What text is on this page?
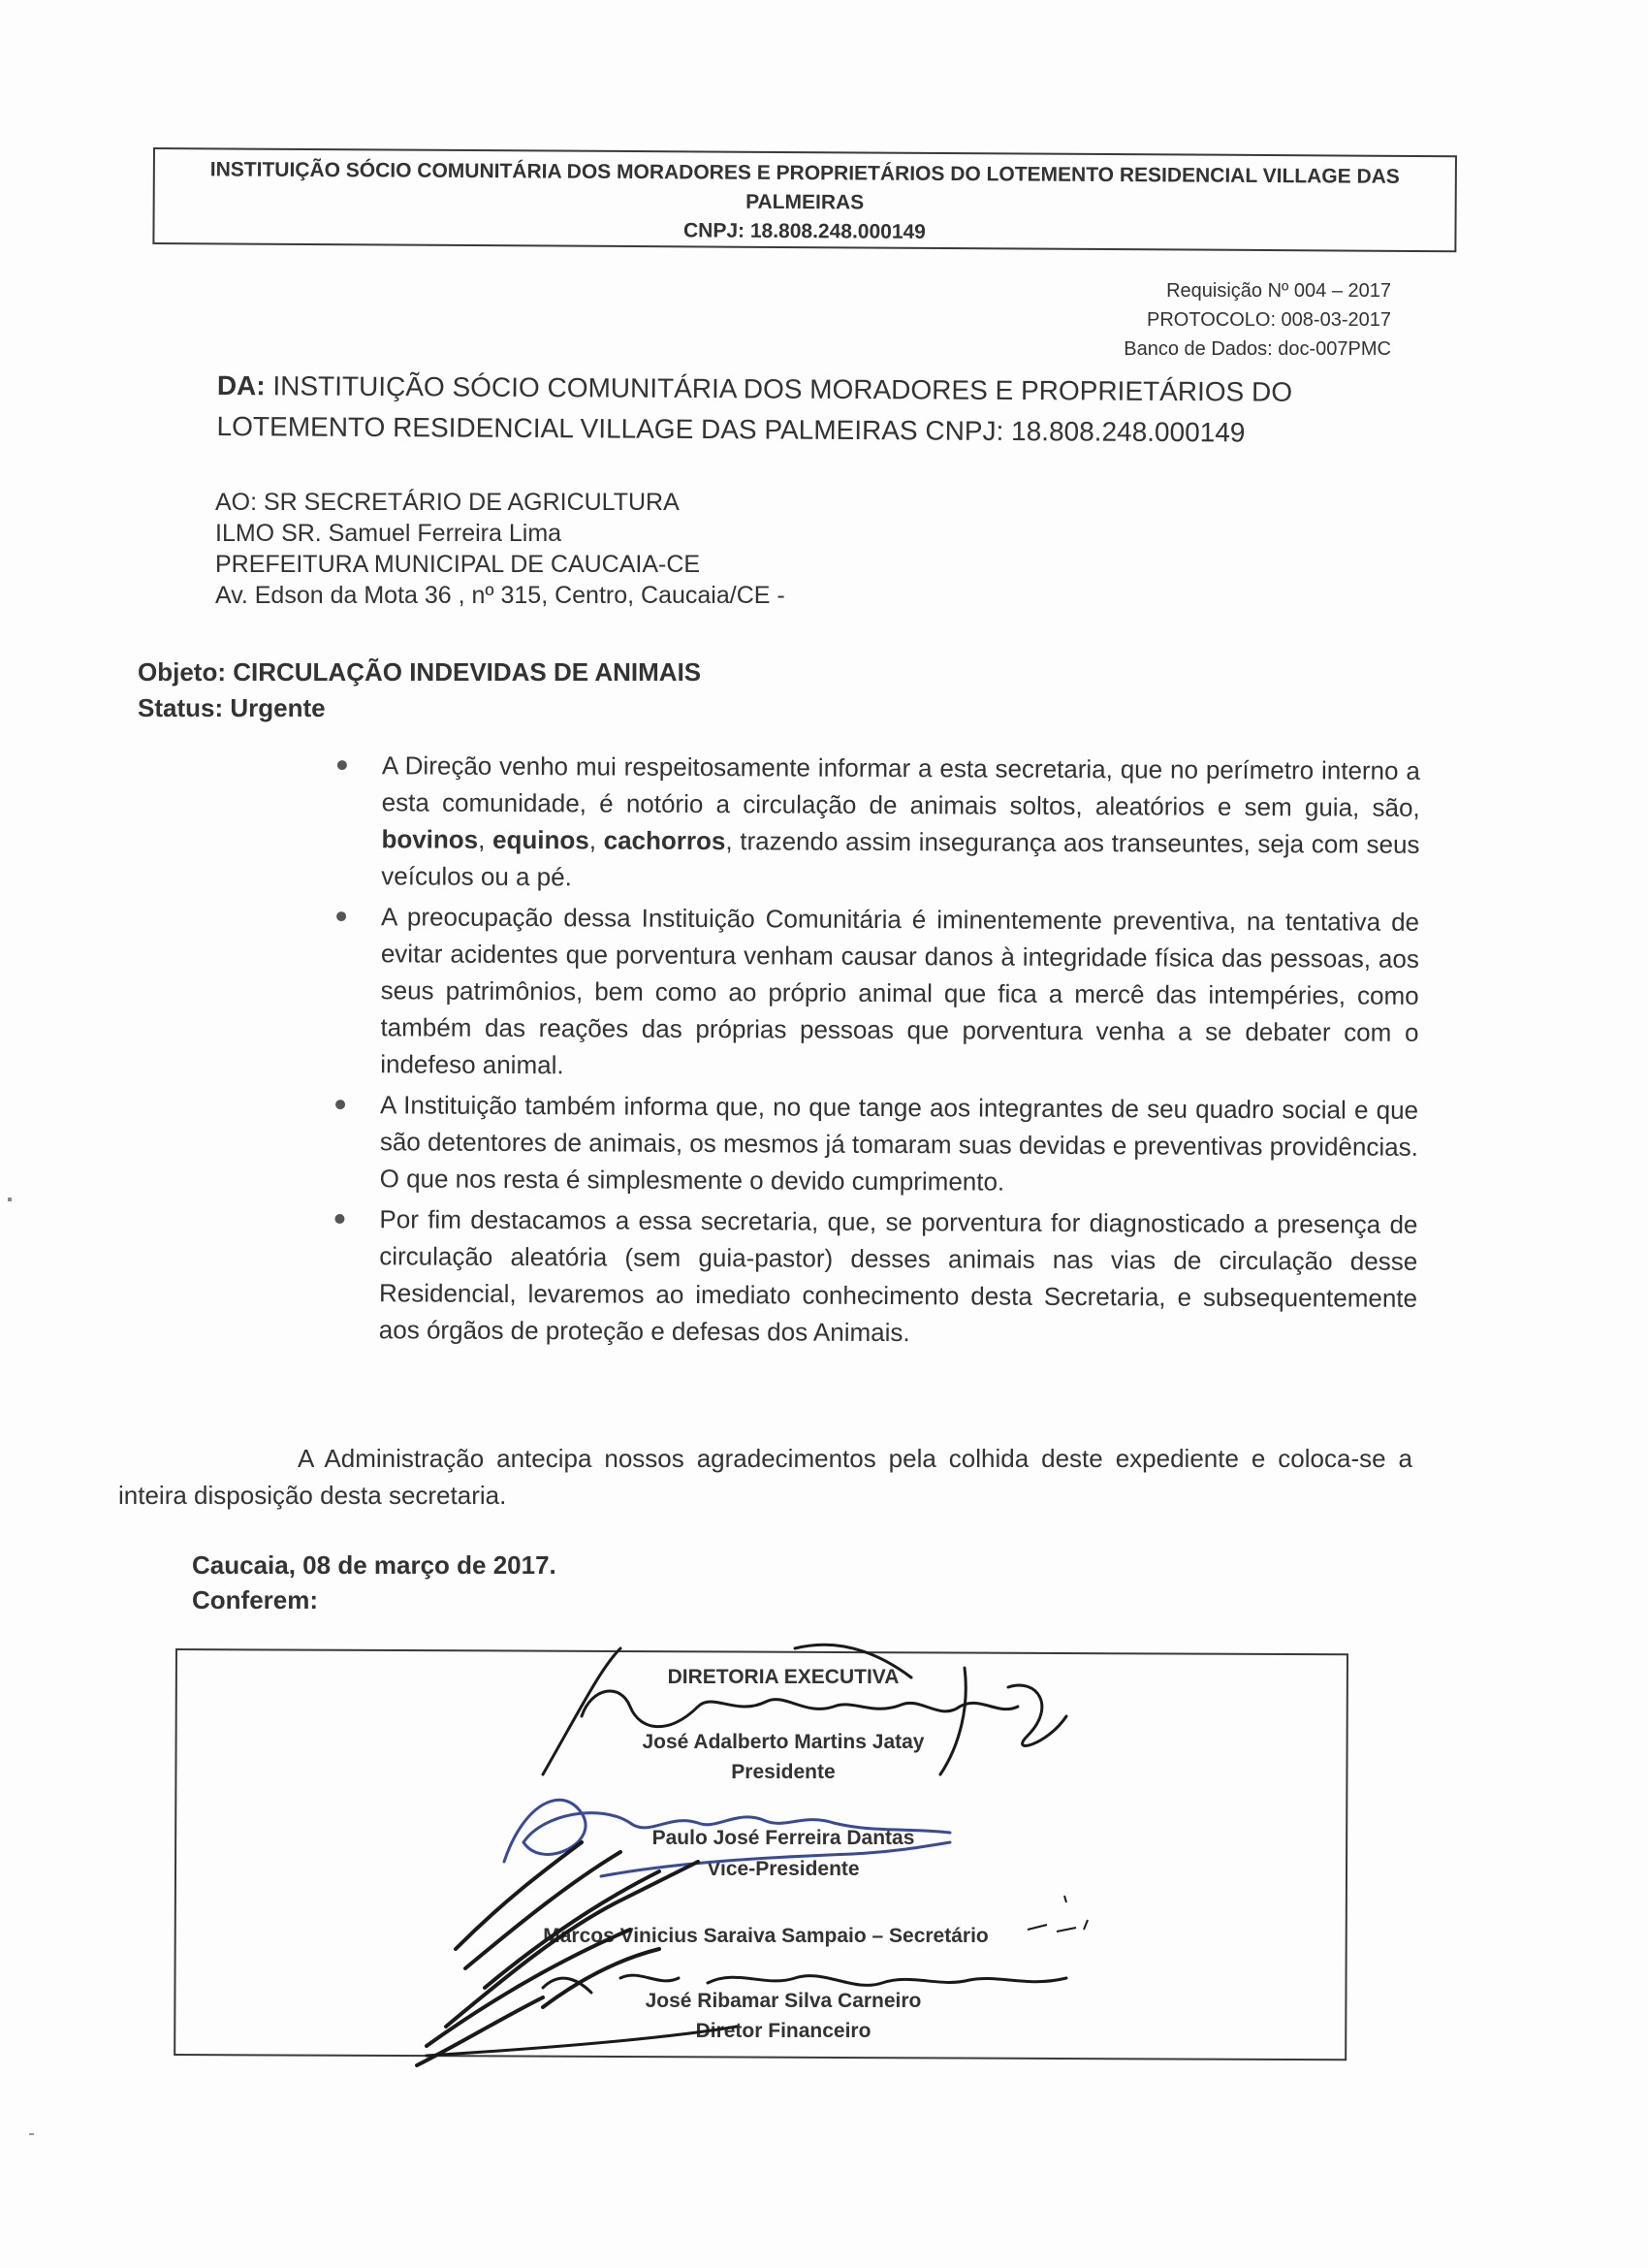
INSTITUIÇÃO SÓCIO COMUNITÁRIA DOS MORADORES E PROPRIETÁRIOS DO LOTEMENTO RESIDENCIAL VILLAGE DAS PALMEIRAS
CNPJ: 18.808.248.000149
Requisição Nº 004 – 2017
PROTOCOLO: 008-03-2017
Banco de Dados: doc-007PMC
DA: INSTITUIÇÃO SÓCIO COMUNITÁRIA DOS MORADORES E PROPRIETÁRIOS DO LOTEMENTO RESIDENCIAL VILLAGE DAS PALMEIRAS CNPJ: 18.808.248.000149
AO: SR SECRETÁRIO DE AGRICULTURA
ILMO SR. Samuel Ferreira Lima
PREFEITURA MUNICIPAL DE CAUCAIA-CE
Av. Edson da Mota 36 , nº 315, Centro, Caucaia/CE -
Objeto: CIRCULAÇÃO INDEVIDAS DE ANIMAIS
Status: Urgente
A Direção venho mui respeitosamente informar a esta secretaria, que no perímetro interno a esta comunidade, é notório a circulação de animais soltos, aleatórios e sem guia, são, bovinos, equinos, cachorros, trazendo assim insegurança aos transeuntes, seja com seus veículos ou a pé.
A preocupação dessa Instituição Comunitária é iminentemente preventiva, na tentativa de evitar acidentes que porventura venham causar danos à integridade física das pessoas, aos seus patrimônios, bem como ao próprio animal que fica a mercê das intempéries, como também das reações das próprias pessoas que porventura venha a se debater com o indefeso animal.
A Instituição também informa que, no que tange aos integrantes de seu quadro social e que são detentores de animais, os mesmos já tomaram suas devidas e preventivas providências. O que nos resta é simplesmente o devido cumprimento.
Por fim destacamos a essa secretaria, que, se porventura for diagnosticado a presença de circulação aleatória (sem guia-pastor) desses animais nas vias de circulação desse Residencial, levaremos ao imediato conhecimento desta Secretaria, e subsequentemente aos órgãos de proteção e defesas dos Animais.
A Administração antecipa nossos agradecimentos pela colhida deste expediente e coloca-se a inteira disposição desta secretaria.
Caucaia, 08 de março de 2017.
Conferem:
DIRETORIA EXECUTIVA
José Adalberto Martins Jatay
Presidente
Paulo José Ferreira Dantas
Vice-Presidente
Marcos Vinicius Saraiva Sampaio – Secretário
José Ribamar Silva Carneiro
Diretor Financeiro
